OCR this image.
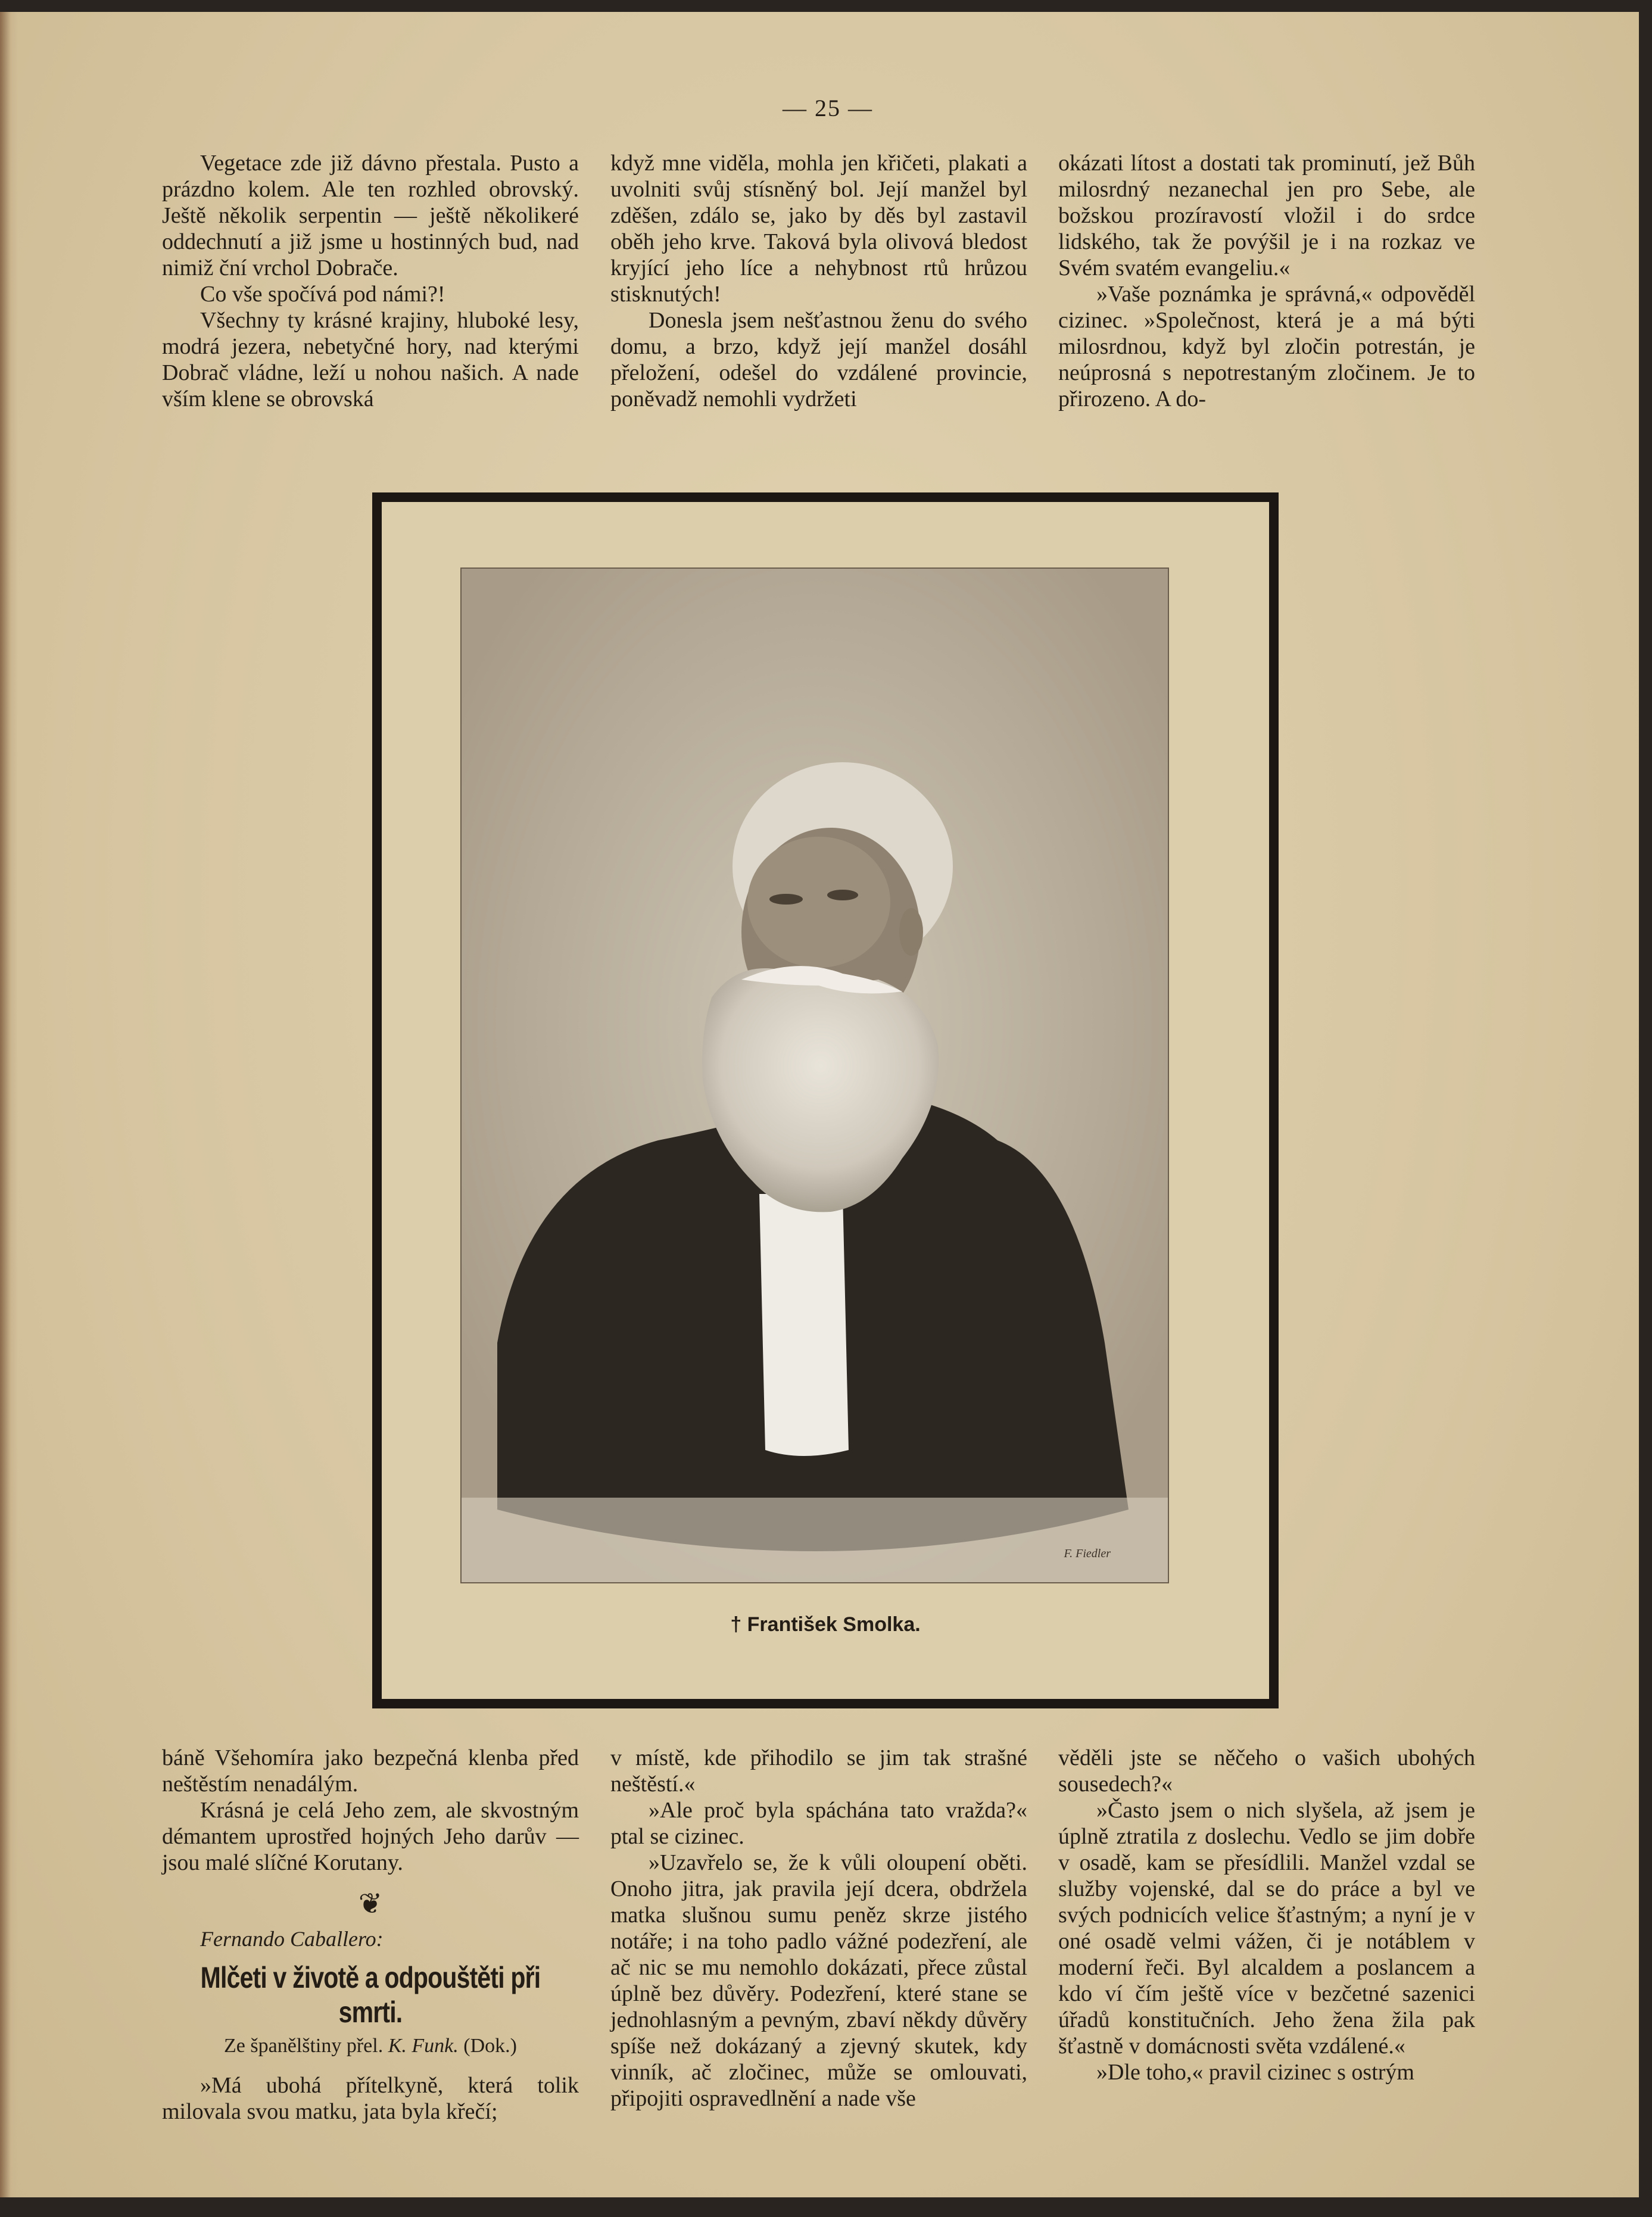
— 25 —

Vegetace zde již dávno přestala. Pusto a prázdno kolem. Ale ten rozhled obrovský. Ještě několik serpentin — ještě několikeré oddechnutí a již jsme u hostinných bud, nad nimiž ční vrchol Dobrače.

Co vše spočívá pod námi?!

Všechny ty krásné krajiny, hluboké lesy, modrá jezera, nebetyčné hory, nad kterými Dobrač vládne, leží u nohou našich. A nade vším klene se obrovská

když mne viděla, mohla jen křičeti, plakati a uvolniti svůj stísněný bol. Její manžel byl zděšen, zdálo se, jako by děs byl zastavil oběh jeho krve. Taková byla olivová bledost kryjící jeho líce a nehybnost rtů hrůzou stisknutých!

Donesla jsem nešťastnou ženu do svého domu, a brzo, když její manžel dosáhl přeložení, odešel do vzdálené provincie, poněvadž nemohli vydržeti

okázati lítost a dostati tak prominutí, jež Bůh milosrdný nezanechal jen pro Sebe, ale božskou prozíravostí vložil i do srdce lidského, tak že povýšil je i na rozkaz ve Svém svatém evangeliu.«

»Vaše poznámka je správná,« odpověděl cizinec. »Společnost, která je a má býti milosrdnou, když byl zločin potrestán, je neúprosná s nepotrestaným zločinem. Je to přirozeno. A do-

F. Fiedler
† František Smolka.

báně Všehomíra jako bezpečná klenba před neštěstím nenadálým.

Krásná je celá Jeho zem, ale skvostným démantem uprostřed hojných Jeho darův — jsou malé slíčné Korutany.

❦
Fernando Caballero:
Mlčeti v životě a odpouštěti při smrti.
Ze španělštiny přel. K. Funk. (Dok.)

»Má ubohá přítelkyně, která tolik milovala svou matku, jata byla křečí;

v místě, kde přihodilo se jim tak strašné neštěstí.«

»Ale proč byla spáchána tato vražda?« ptal se cizinec.

»Uzavřelo se, že k vůli oloupení oběti. Onoho jitra, jak pravila její dcera, obdržela matka slušnou sumu peněz skrze jistého notáře; i na toho padlo vážné podezření, ale ač nic se mu nemohlo dokázati, přece zůstal úplně bez důvěry. Podezření, které stane se jednohlasným a pevným, zbaví někdy důvěry spíše než dokázaný a zjevný skutek, kdy vinník, ač zločinec, může se omlouvati, připojiti ospravedlnění a nade vše

věděli jste se něčeho o vašich ubohých sousedech?«

»Často jsem o nich slyšela, až jsem je úplně ztratila z doslechu. Vedlo se jim dobře v osadě, kam se přesídlili. Manžel vzdal se služby vojenské, dal se do práce a byl ve svých podnicích velice šťastným; a nyní je v oné osadě velmi vážen, či je notáblem v moderní řeči. Byl alcaldem a poslancem a kdo ví čím ještě více v bezčetné sazenici úřadů konstitučních. Jeho žena žila pak šťastně v domácnosti světa vzdálené.«

»Dle toho,« pravil cizinec s ostrým
